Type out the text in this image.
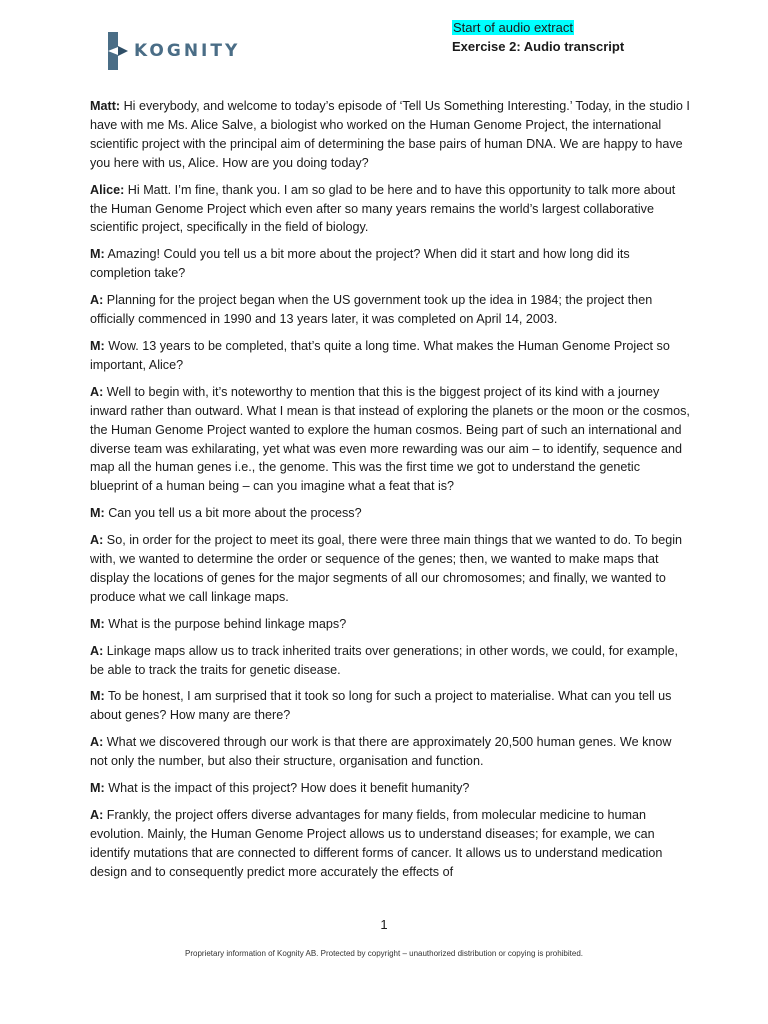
KOGNITY
Start of audio extract
Exercise 2: Audio transcript

Matt: Hi everybody, and welcome to today’s episode of ‘Tell Us Something Interesting.’ Today, in the studio I have with me Ms. Alice Salve, a biologist who worked on the Human Genome Project, the international scientific project with the principal aim of determining the base pairs of human DNA. We are happy to have you here with us, Alice. How are you doing today?

Alice: Hi Matt. I’m fine, thank you. I am so glad to be here and to have this opportunity to talk more about the Human Genome Project which even after so many years remains the world’s largest collaborative scientific project, specifically in the field of biology.

M: Amazing! Could you tell us a bit more about the project? When did it start and how long did its completion take?

A: Planning for the project began when the US government took up the idea in 1984; the project then officially commenced in 1990 and 13 years later, it was completed on April 14, 2003.

M: Wow. 13 years to be completed, that’s quite a long time. What makes the Human Genome Project so important, Alice?

A: Well to begin with, it’s noteworthy to mention that this is the biggest project of its kind with a journey inward rather than outward. What I mean is that instead of exploring the planets or the moon or the cosmos, the Human Genome Project wanted to explore the human cosmos. Being part of such an international and diverse team was exhilarating, yet what was even more rewarding was our aim – to identify, sequence and map all the human genes i.e., the genome. This was the first time we got to understand the genetic blueprint of a human being – can you imagine what a feat that is?

M: Can you tell us a bit more about the process?

A: So, in order for the project to meet its goal, there were three main things that we wanted to do. To begin with, we wanted to determine the order or sequence of the genes; then, we wanted to make maps that display the locations of genes for the major segments of all our chromosomes; and finally, we wanted to produce what we call linkage maps.

M: What is the purpose behind linkage maps?

A: Linkage maps allow us to track inherited traits over generations; in other words, we could, for example, be able to track the traits for genetic disease.

M: To be honest, I am surprised that it took so long for such a project to materialise. What can you tell us about genes? How many are there?

A: What we discovered through our work is that there are approximately 20,500 human genes. We know not only the number, but also their structure, organisation and function.

M: What is the impact of this project? How does it benefit humanity?

A: Frankly, the project offers diverse advantages for many fields, from molecular medicine to human evolution. Mainly, the Human Genome Project allows us to understand diseases; for example, we can identify mutations that are connected to different forms of cancer. It allows us to understand medication design and to consequently predict more accurately the effects of

1
Proprietary information of Kognity AB. Protected by copyright – unauthorized distribution or copying is prohibited.
